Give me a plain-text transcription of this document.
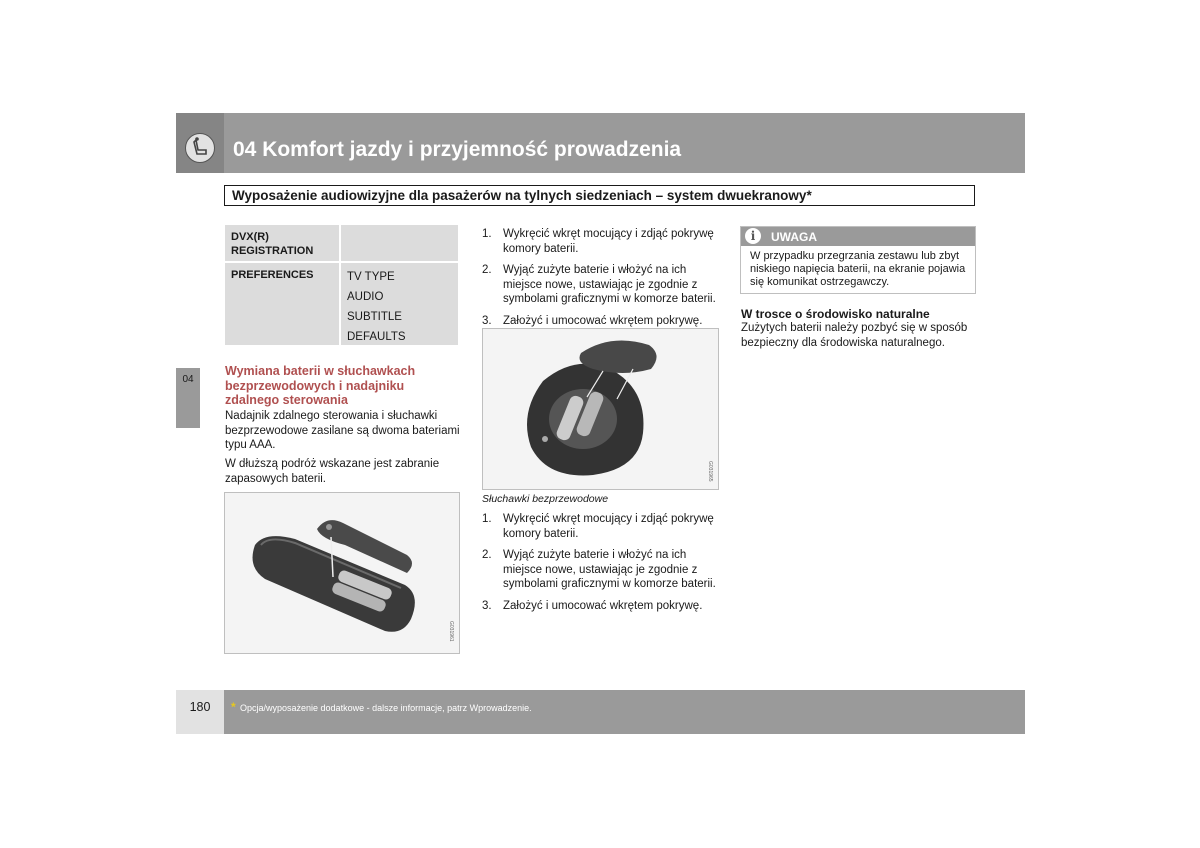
04 Komfort jazdy i przyjemność prowadzenia
Wyposażenie audiowizyjne dla pasażerów na tylnych siedzeniach – system dwuekranowy*
04
DVX(R) REGISTRATION
PREFERENCES	TV TYPE
AUDIO
SUBTITLE
DEFAULTS
Wymiana baterii w słuchawkach bezprzewodowych i nadajniku zdalnego sterowania
Nadajnik zdalnego sterowania i słuchawki bezprzewodowe zasilane są dwoma bateriami typu AAA.
W dłuższą podróż wskazane jest zabranie zapasowych baterii.
G031961
1. Wykręcić wkręt mocujący i zdjąć pokrywę komory baterii.
2. Wyjąć zużyte baterie i włożyć na ich miejsce nowe, ustawiając je zgodnie z symbolami graficznymi w komorze baterii.
3. Założyć i umocować wkrętem pokrywę.
G031965
Słuchawki bezprzewodowe
1. Wykręcić wkręt mocujący i zdjąć pokrywę komory baterii.
2. Wyjąć zużyte baterie i włożyć na ich miejsce nowe, ustawiając je zgodnie z symbolami graficznymi w komorze baterii.
3. Założyć i umocować wkrętem pokrywę.
i	UWAGA
W przypadku przegrzania zestawu lub zbyt niskiego napięcia baterii, na ekranie pojawia się komunikat ostrzegawczy.
W trosce o środowisko naturalne
Zużytych baterii należy pozbyć się w sposób bezpieczny dla środowiska naturalnego.
180	* Opcja/wyposażenie dodatkowe - dalsze informacje, patrz Wprowadzenie.
